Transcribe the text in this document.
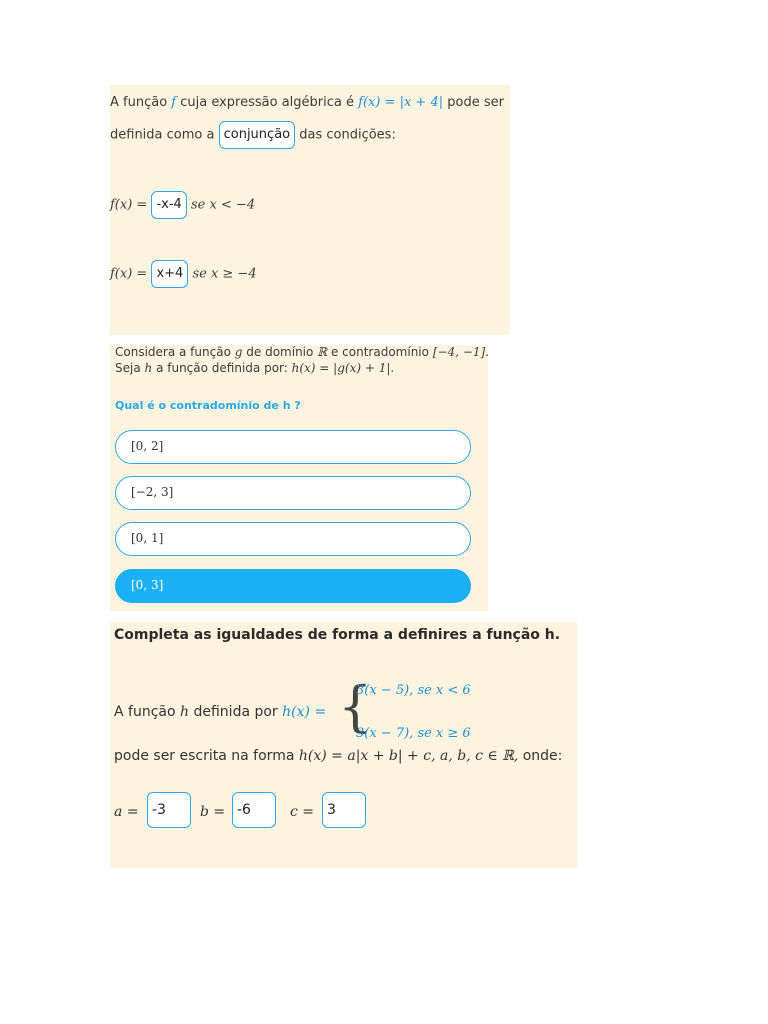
A função f cuja expressão algébrica é f(x) = |x + 4| pode ser
definida como a conjunção das condições:
f(x) = -x-4 se x < −4
f(x) = x+4 se x ≥ −4
Considera a função g de domínio ℝ e contradomínio [−4, −1].
Seja h a função definida por: h(x) = |g(x) + 1|.
Qual é o contradomínio de h ?
[0, 2]
[−2, 3]
[0, 1]
[0, 3]
Completa as igualdades de forma a definires a função h.
A função h definida por h(x) = {
3(x − 5), se x < 6
3(x − 7), se x ≥ 6
pode ser escrita na forma h(x) = a|x + b| + c, a, b, c ∈ ℝ, onde:
a = -3	b = -6	c = 3
